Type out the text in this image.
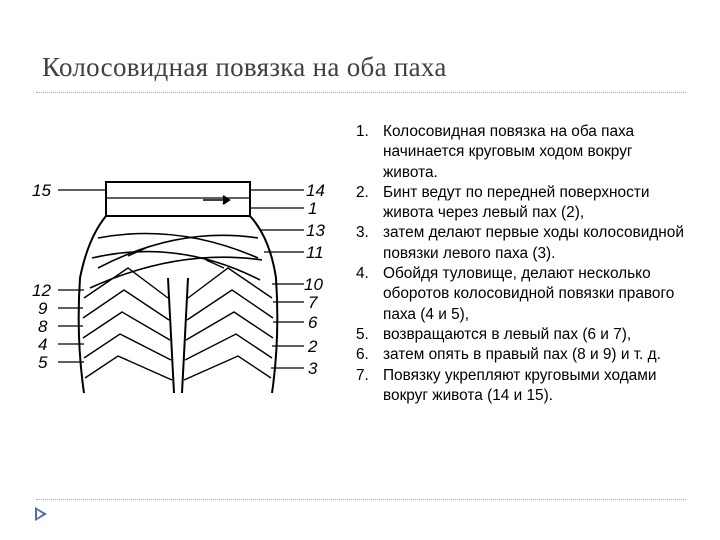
Колосовидная повязка на оба паха
15
12
9
8
4
5
14
1
13
11
10
7
6
2
3
1. Колосовидная повязка на оба паха начинается круговым ходом вокруг живота.
2. Бинт ведут по передней поверхности живота через левый пах (2),
3. затем делают первые ходы колосовидной повязки левого паха (3).
4. Обойдя туловище, делают несколько оборотов колосовидной повязки правого паха (4 и 5),
5. возвращаются в левый пах (6 и 7),
6. затем опять в правый пах (8 и 9) и т. д.
7. Повязку укрепляют круговыми ходами вокруг живота (14 и 15).
